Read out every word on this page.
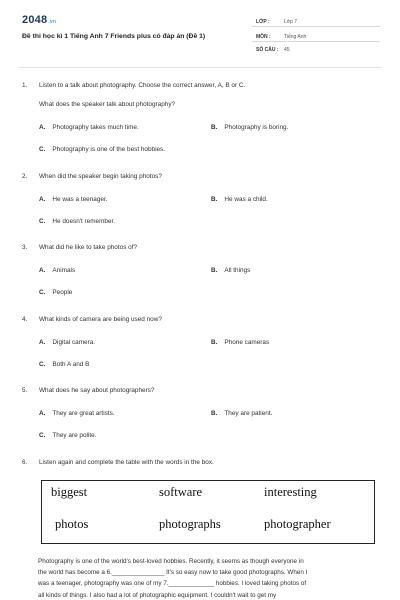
2048.vn
Đề thi học kì 1 Tiếng Anh 7 Friends plus có đáp án (Đề 1)
LỚP :	Lớp 7
MÔN :	Tiếng Anh
SỐ CÂU : 45
1. Listen to a talk about photography. Choose the correct answer, A, B or C.
What does the speaker talk about photography?
A. Photography takes much time.	B. Photography is boring.
C. Photography is one of the best hobbies.
2. When did the speaker begin taking photos?
A. He was a teenager.	B. He was a child.
C. He doesn't remember.
3. What did he like to take photos of?
A. Animals	B. All things
C. People
4. What kinds of camera are being used now?
A. Digital camera.	B. Phone cameras
C. Both A and B
5. What does he say about photographers?
A. They are great artists.	B. They are patient.
C. They are polite.
6. Listen again and complete the table with the words in the box.
biggest	software	interesting
photos	photographs	photographer
Photography is one of the world's best-loved hobbies. Recently, it seems as though everyone in
the world has become a 6._______________ It's so easy now to take good photographs. When I
was a teenager, photography was one of my 7._____________ hobbies. I loved taking photos of
all kinds of things. I also had a lot of photographic equipment. I couldn't wait to get my
